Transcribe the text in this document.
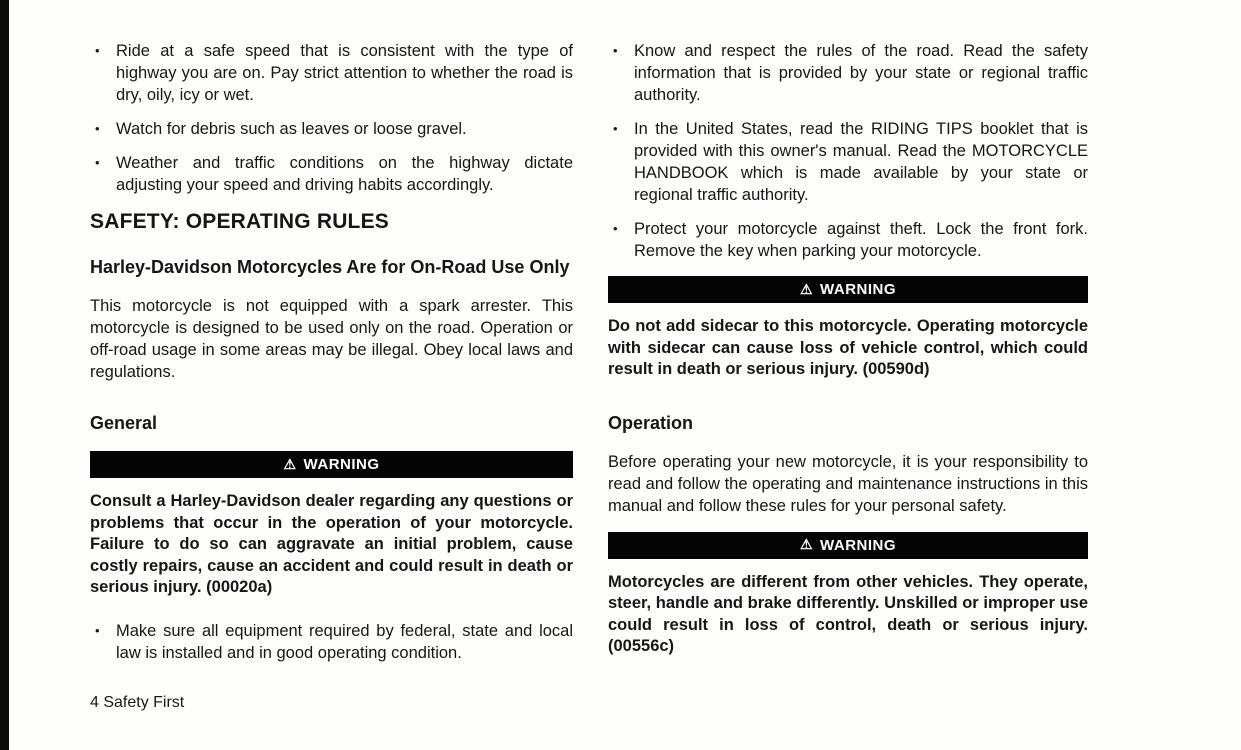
• Ride at a safe speed that is consistent with the type of highway you are on. Pay strict attention to whether the road is dry, oily, icy or wet.
• Watch for debris such as leaves or loose gravel.
• Weather and traffic conditions on the highway dictate adjusting your speed and driving habits accordingly.
SAFETY: OPERATING RULES
Harley-Davidson Motorcycles Are for On-Road Use Only

This motorcycle is not equipped with a spark arrester. This motorcycle is designed to be used only on the road. Operation or off-road usage in some areas may be illegal. Obey local laws and regulations.

General
⚠ WARNING

Consult a Harley-Davidson dealer regarding any questions or problems that occur in the operation of your motorcycle. Failure to do so can aggravate an initial problem, cause costly repairs, cause an accident and could result in death or serious injury. (00020a)

• Make sure all equipment required by federal, state and local law is installed and in good operating condition.
• Know and respect the rules of the road. Read the safety information that is provided by your state or regional traffic authority.
• In the United States, read the RIDING TIPS booklet that is provided with this owner's manual. Read the MOTORCYCLE HANDBOOK which is made available by your state or regional traffic authority.
• Protect your motorcycle against theft. Lock the front fork. Remove the key when parking your motorcycle.
⚠ WARNING

Do not add sidecar to this motorcycle. Operating motorcycle with sidecar can cause loss of vehicle control, which could result in death or serious injury. (00590d)

Operation

Before operating your new motorcycle, it is your responsibility to read and follow the operating and maintenance instructions in this manual and follow these rules for your personal safety.

⚠ WARNING

Motorcycles are different from other vehicles. They operate, steer, handle and brake differently. Unskilled or improper use could result in loss of control, death or serious injury. (00556c)

4 Safety First
